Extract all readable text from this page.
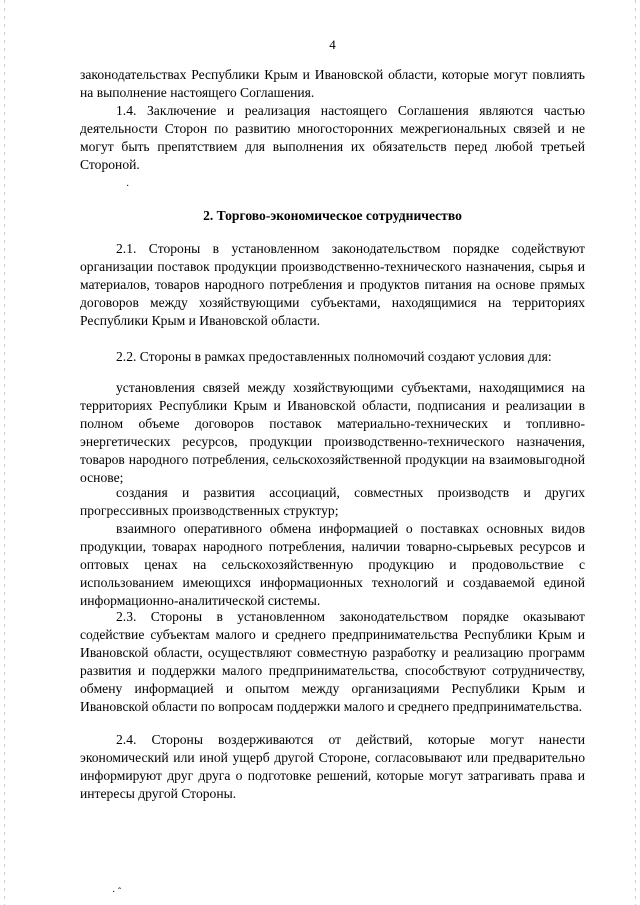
4

законодательствах Республики Крым и Ивановской области, которые могут повлиять на выполнение настоящего Соглашения.

1.4. Заключение и реализация настоящего Соглашения являются частью деятельности Сторон по развитию многосторонних межрегиональных связей и не могут быть препятствием для выполнения их обязательств перед любой третьей Стороной.

·

2. Торгово-экономическое сотрудничество

2.1. Стороны в установленном законодательством порядке содействуют организации поставок продукции производственно-технического назначения, сырья и материалов, товаров народного потребления и продуктов питания на основе прямых договоров между хозяйствующими субъектами, находящимися на территориях Республики Крым и Ивановской области.

2.2. Стороны в рамках предоставленных полномочий создают условия для:

установления связей между хозяйствующими субъектами, находящимися на территориях Республики Крым и Ивановской области, подписания и реализации в полном объеме договоров поставок материально-технических и топливно-энергетических ресурсов, продукции производственно-технического назначения, товаров народного потребления, сельскохозяйственной продукции на взаимовыгодной основе;

создания и развития ассоциаций, совместных производств и других прогрессивных производственных структур;

взаимного оперативного обмена информацией о поставках основных видов продукции, товарах народного потребления, наличии товарно-сырьевых ресурсов и оптовых ценах на сельскохозяйственную продукцию и продовольствие с использованием имеющихся информационных технологий и создаваемой единой информационно-аналитической системы.

2.3. Стороны в установленном законодательством порядке оказывают содействие субъектам малого и среднего предпринимательства Республики Крым и Ивановской области, осуществляют совместную разработку и реализацию программ развития и поддержки малого предпринимательства, способствуют сотрудничеству, обмену информацией и опытом между организациями Республики Крым и Ивановской области по вопросам поддержки малого и среднего предпринимательства.

2.4. Стороны воздерживаются от действий, которые могут нанести экономический или иной ущерб другой Стороне, согласовывают или предварительно информируют друг друга о подготовке решений, которые могут затрагивать права и интересы другой Стороны.

· ˆ
